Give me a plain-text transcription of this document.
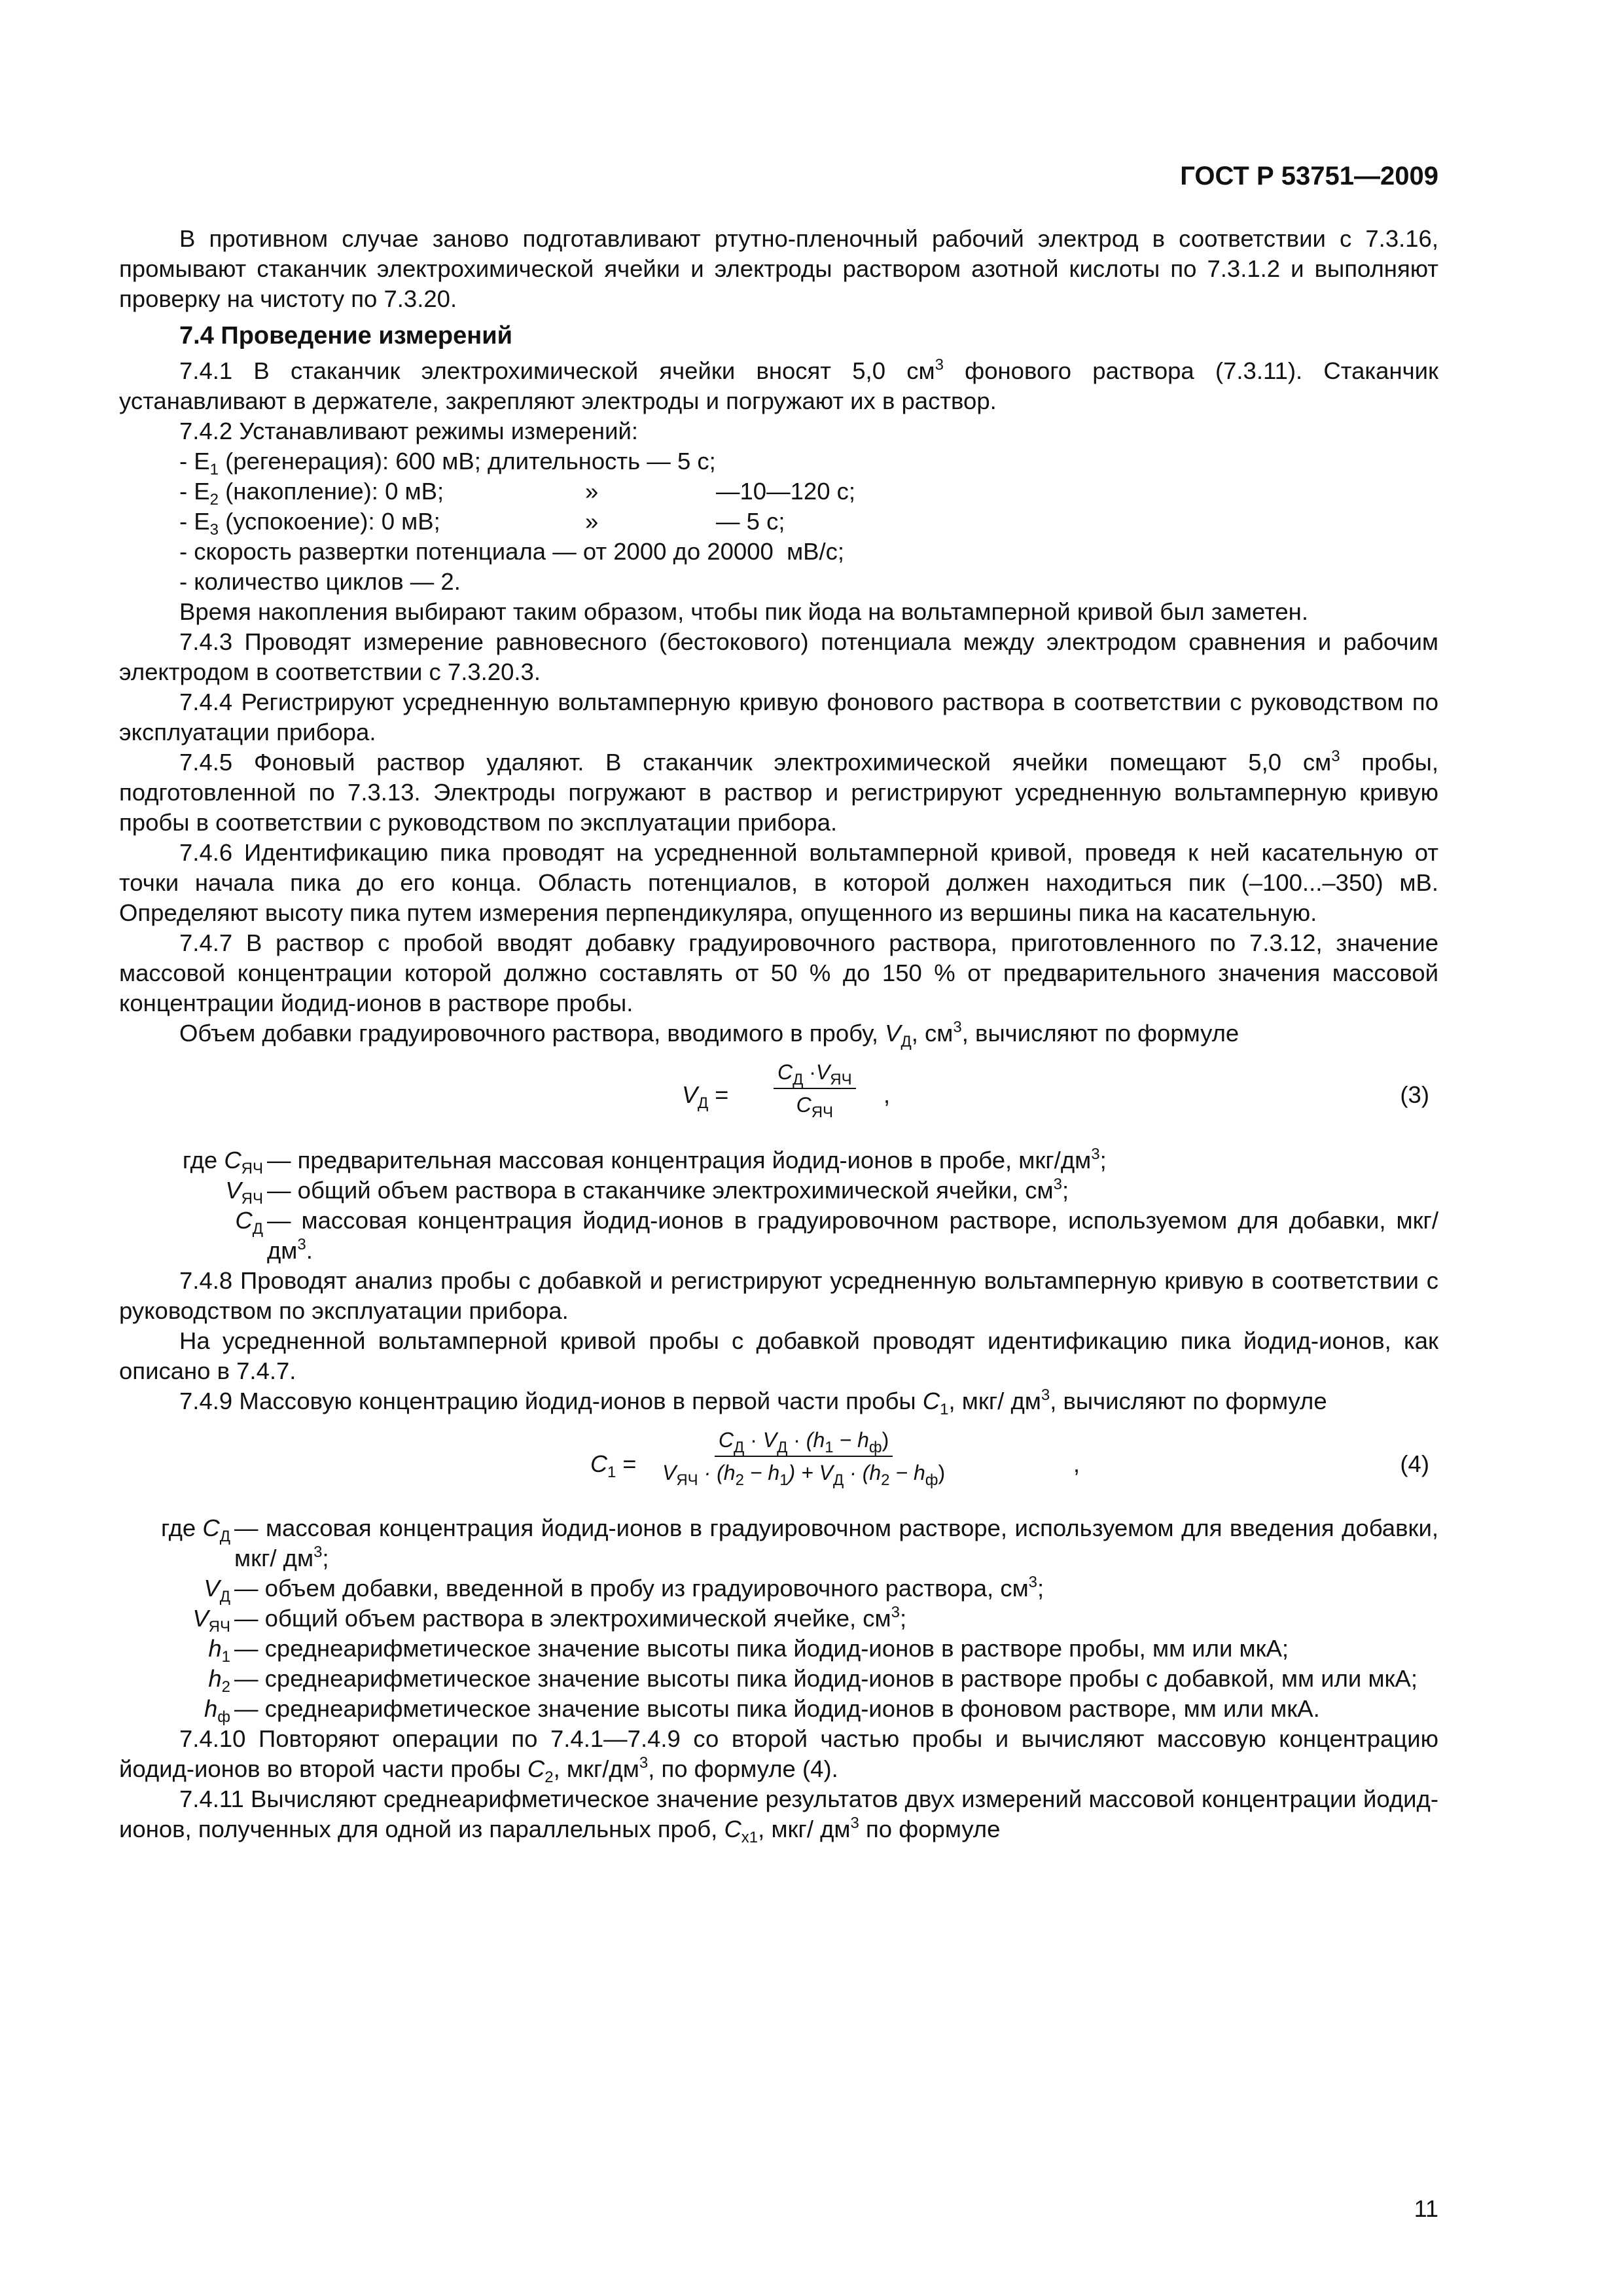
ГОСТ Р 53751—2009

В противном случае заново подготавливают ртутно-пленочный рабочий электрод в соответствии с 7.3.16, промывают стаканчик электрохимической ячейки и электроды раствором азотной кислоты по 7.3.1.2 и выполняют проверку на чистоту по 7.3.20.

7.4 Проведение измерений

7.4.1 В стаканчик электрохимической ячейки вносят 5,0 $см^3$ фонового раствора (7.3.11). Стаканчик устанавливают в держателе, закрепляют электроды и погружают их в раствор.

7.4.2 Устанавливают режимы измерений:

- $E_1$ (регенерация): 600 мВ; длительность — 5 с;
- $E_2$ (накопление): 0 мВ;	»	—10—120 с;
- $E_3$ (успокоение): 0 мВ;	»	— 5 с;
- скорость развертки потенциала — от 2000 до 20000  мВ/с;
- количество циклов — 2.

Время накопления выбирают таким образом, чтобы пик йода на вольтамперной кривой был заметен.

7.4.3 Проводят измерение равновесного (бестокового) потенциала между электродом сравнения и рабочим электродом в соответствии с 7.3.20.3.

7.4.4 Регистрируют усредненную вольтамперную кривую фонового раствора в соответствии с руководством по эксплуатации прибора.

7.4.5 Фоновый раствор удаляют. В стаканчик электрохимической ячейки помещают 5,0 $см^3$ пробы, подготовленной по 7.3.13. Электроды погружают в раствор и регистрируют усредненную вольтамперную кривую пробы в соответствии с руководством по эксплуатации прибора.

7.4.6 Идентификацию пика проводят на усредненной вольтамперной кривой, проведя к ней касательную от точки начала пика до его конца. Область потенциалов, в которой должен находиться пик (–100...–350) мВ. Определяют высоту пика путем измерения перпендикуляра, опущенного из вершины пика на касательную.

7.4.7 В раствор с пробой вводят добавку градуировочного раствора, приготовленного по 7.3.12, значение массовой концентрации которой должно составлять от 50 % до 150 % от предварительного значения массовой концентрации йодид-ионов в растворе пробы.

Объем добавки градуировочного раствора, вводимого в пробу, $V_Д$, $см^3$, вычисляют по формуле

$V_Д$ =
$C_Д \cdot V_{ЯЧ}$
$C_{ЯЧ}$
,	(3)
где $C_{ЯЧ}$ — предварительная массовая концентрация йодид-ионов в пробе, мкг/$дм^3$;
$V_{ЯЧ}$ — общий объем раствора в стаканчике электрохимической ячейки, $см^3$;
$C_Д$ — массовая концентрация йодид-ионов в градуировочном растворе, используемом для добавки, мкг/$дм^3$.

7.4.8 Проводят анализ пробы с добавкой и регистрируют усредненную вольтамперную кривую в соответствии с руководством по эксплуатации прибора.

На усредненной вольтамперной кривой пробы с добавкой проводят идентификацию пика йодид-ионов, как описано в 7.4.7.

7.4.9 Массовую концентрацию йодид-ионов в первой части пробы $C_1$, мкг/ $дм^3$, вычисляют по формуле

$C_1$ =
$C_Д \cdot V_Д \cdot (h_1 - h_ф)$
$V_{ЯЧ} \cdot (h_2 - h_1) + V_Д \cdot (h_2 - h_ф)$	,	(4)
где $C_Д$ — массовая концентрация йодид-ионов в градуировочном растворе, используемом для введения добавки, мкг/ $дм^3$;
$V_Д$ — объем добавки, введенной в пробу из градуировочного раствора, $см^3$;
$V_{ЯЧ}$ — общий объем раствора в электрохимической ячейке, $см^3$;
$h_1$ — среднеарифметическое значение высоты пика йодид-ионов в растворе пробы, мм или мкА;
$h_2$ — среднеарифметическое значение высоты пика йодид-ионов в растворе пробы с добавкой, мм или мкА;
$h_ф$ — среднеарифметическое значение высоты пика йодид-ионов в фоновом растворе, мм или мкА.

7.4.10 Повторяют операции по 7.4.1—7.4.9 со второй частью пробы и вычисляют массовую концентрацию йодид-ионов во второй части пробы $C_2$, мкг/$дм^3$, по формуле (4).

7.4.11 Вычисляют среднеарифметическое значение результатов двух измерений массовой концентрации йодид-ионов, полученных для одной из параллельных проб, $C_{x1}$, мкг/ $дм^3$ по формуле

11
